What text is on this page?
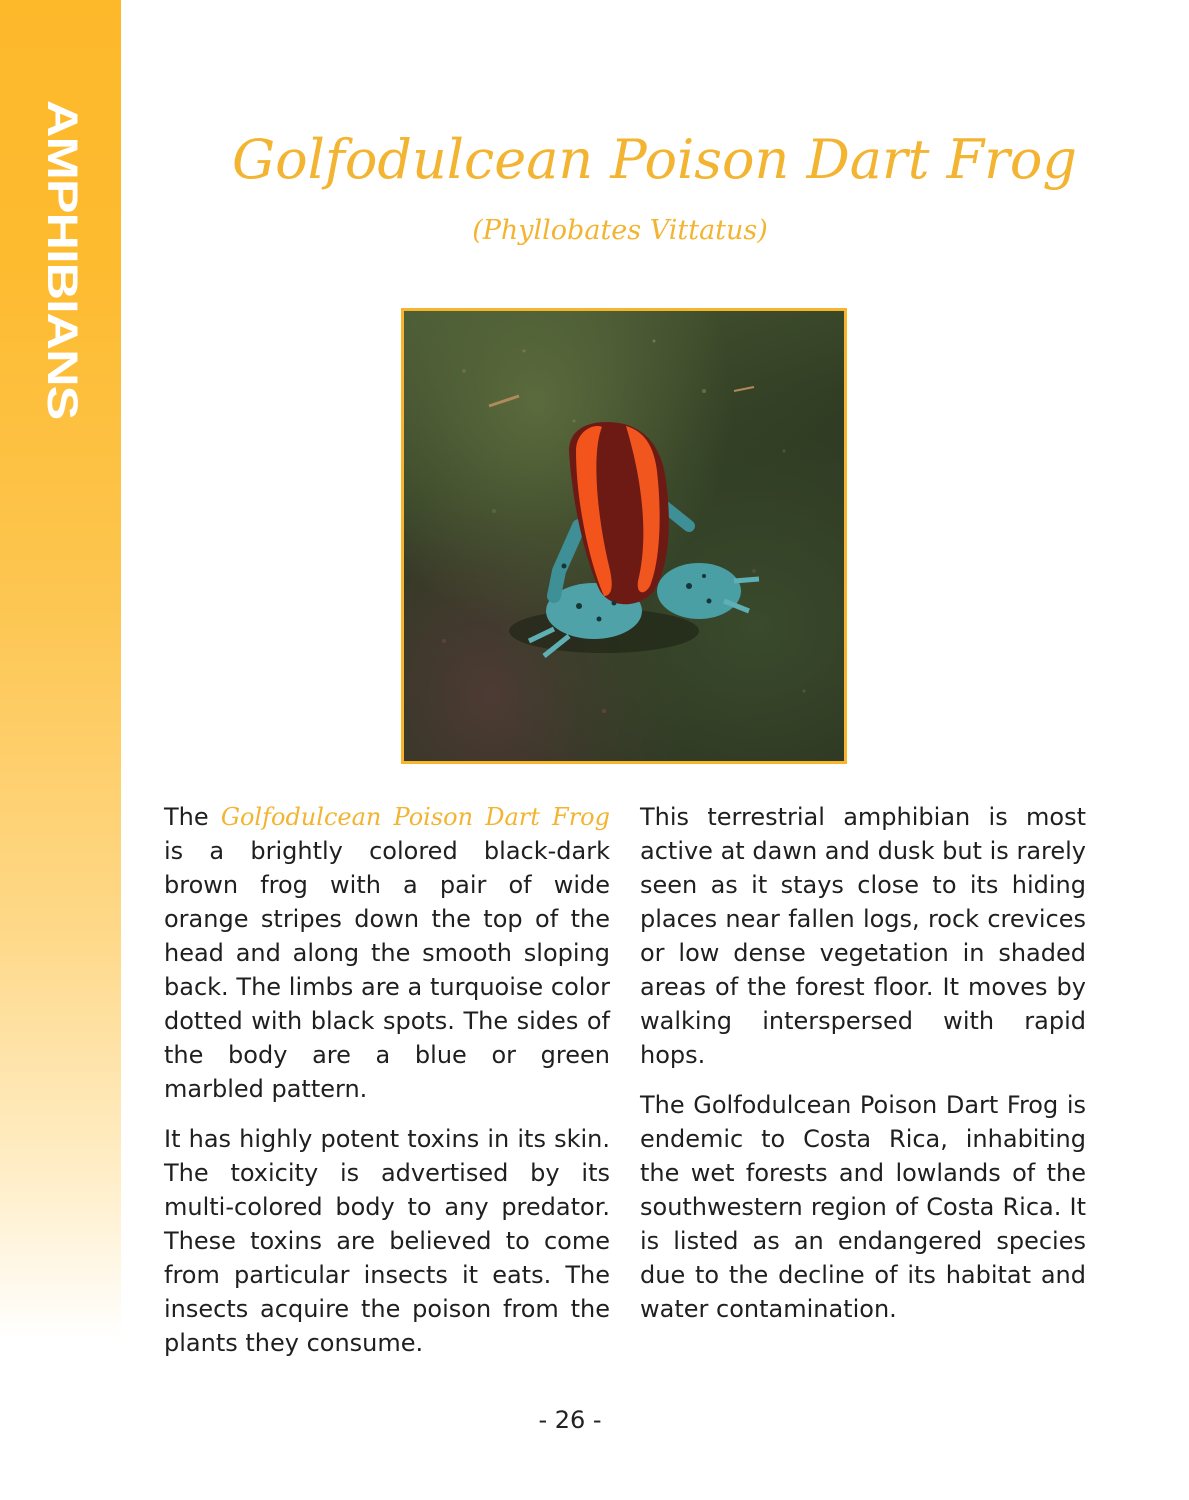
AMPHIBIANS	Golfodulcean Poison Dart Frog
(Phyllobates Vittatus)

The Golfodulcean Poison Dart Frog is a brightly colored black-dark brown frog with a pair of wide orange stripes down the top of the head and along the smooth sloping back. The limbs are a turquoise color dotted with black spots. The sides of the body are a blue or green marbled pattern.

It has highly potent toxins in its skin. The toxicity is advertised by its multi-colored body to any predator. These toxins are believed to come from particular insects it eats. The insects acquire the poison from the plants they consume.

This terrestrial amphibian is most active at dawn and dusk but is rarely seen as it stays close to its hiding places near fallen logs, rock crevices or low dense vegetation in shaded areas of the forest floor. It moves by walking interspersed with rapid hops.

The Golfodulcean Poison Dart Frog is endemic to Costa Rica, inhabiting the wet forests and lowlands of the southwestern region of Costa Rica. It is listed as an endangered species due to the decline of its habitat and water contamination.

- 26 -
